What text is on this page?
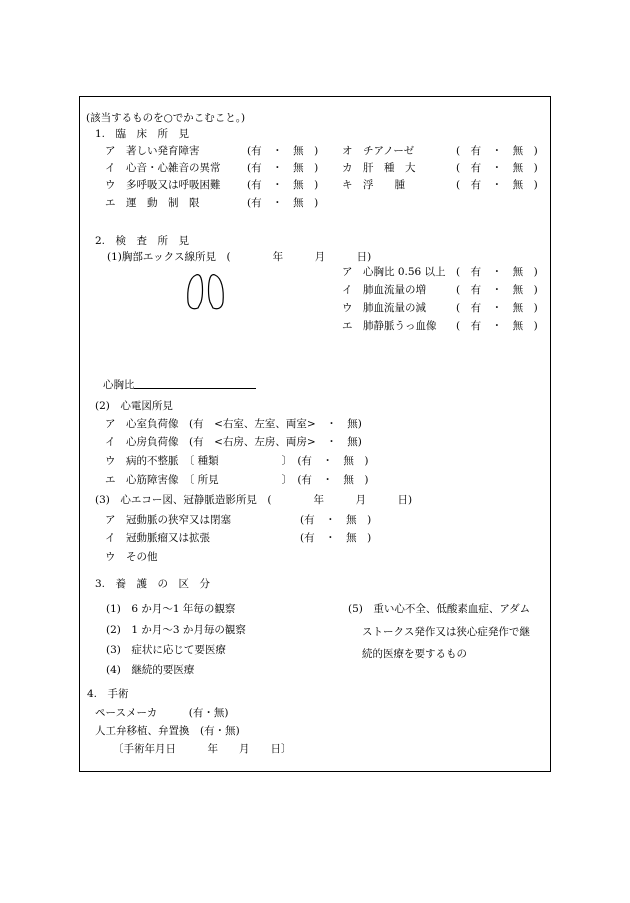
(該当するものを○でかこむこと。)
1.　臨　床　所　見
ア　著しい発育障害	(有　・　無　)
イ　心音・心雑音の異常	(有　・　無　)
ウ　多呼吸又は呼吸困難	(有　・　無　)
エ　運　動　制　限	(有　・　無　)
オ　チアノーゼ	(　有　・　無　)
カ　肝　種　大	(　有　・　無　)
キ　浮　　腫	(　有　・　無　)
2.　検　査　所　見
(1)胸部エックス線所見　(　　　　年　　　月　　　日)
ア　心胸比 0.56 以上 (　有　・　無　)
イ　肺血流量の増	(　有　・　無　)
ウ　肺血流量の減	(　有　・　無　)
エ　肺静脈うっ血像 (　有　・　無　)
心胸比
(2)　心電図所見
ア　心室負荷像　(有　<右室、左室、両室>　・　無)
イ　心房負荷像　(有　<右房、左房、両房>　・　無)
ウ　病的不整脈　〔 種類　　　　　　〕　(有　・　無　)
エ　心筋障害像　〔 所見　　　　　　〕　(有　・　無　)
(3)　心エコー図、冠静脈造影所見　(　　　　年　　　月　　　日)
ア　冠動脈の狭窄又は閉塞	(有　・　無　)
イ　冠動脈瘤又は拡張	(有　・　無　)
ウ　その他
3.　養　護　の　区　分
(1)　6 か月〜1 年毎の観察
(2)　1 か月〜3 か月毎の観察
(3)　症状に応じて要医療
(4)　継続的要医療
(5)　重い心不全、低酸素血症、アダム
ストークス発作又は狭心症発作で継
続的医療を要するもの
4.　手術
ペースメーカ　　　(有・無)
人工弁移植、弁置換　(有・無)
〔手術年月日　　　年　　月　　日〕
